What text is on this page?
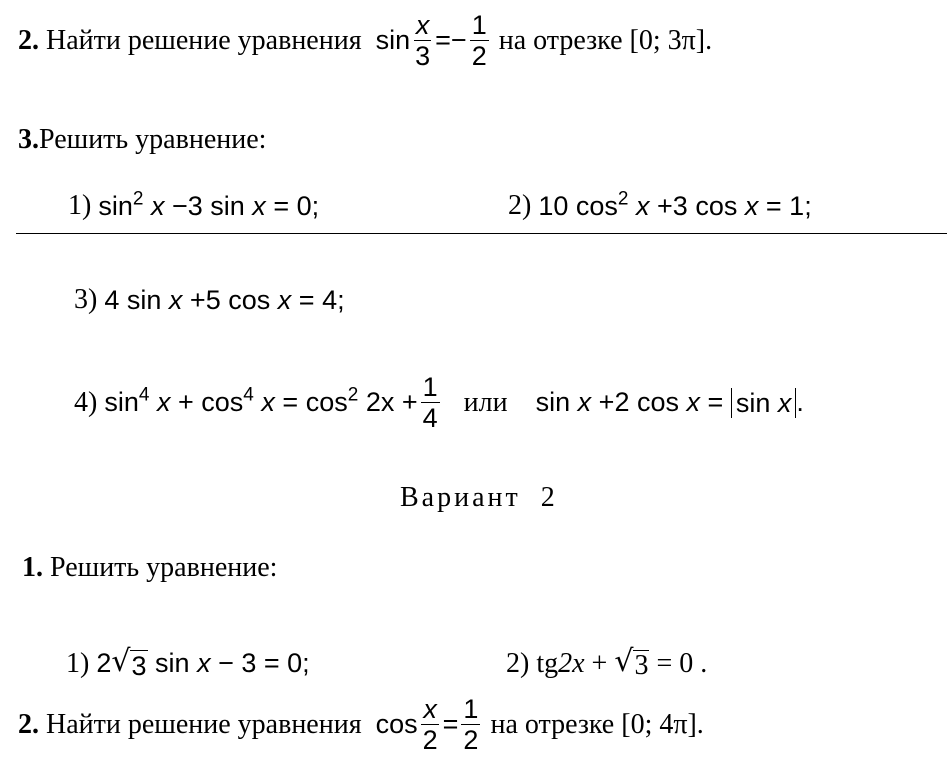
2.
Найти решение уравнения
$\sin \frac{x}{3}$ = − $\frac{1}{2}$
на отрезке [0; 3π].
3. Решить уравнение:
1)
$\sin^2 x -3$ sin x = 0;	2)
10 $\cos^2 x +3$ cos x = 1;
3)
4 sin x +5 cos x = 4;
4)
$\sin^4 x + \cos^4 x = \cos^2 2x + \frac{1}{4}$
или
sin x +2 cos x = sin x .
Вариант  2
1.
Решить уравнение:
1)
2 √ 3 sin x − 3 = 0;	2)
tg 2x
+
√ 3
= 0 .
2.
Найти решение уравнения
$\cos \frac{x}{2} = \frac{1}{2}$
на отрезке [0; 4π].
